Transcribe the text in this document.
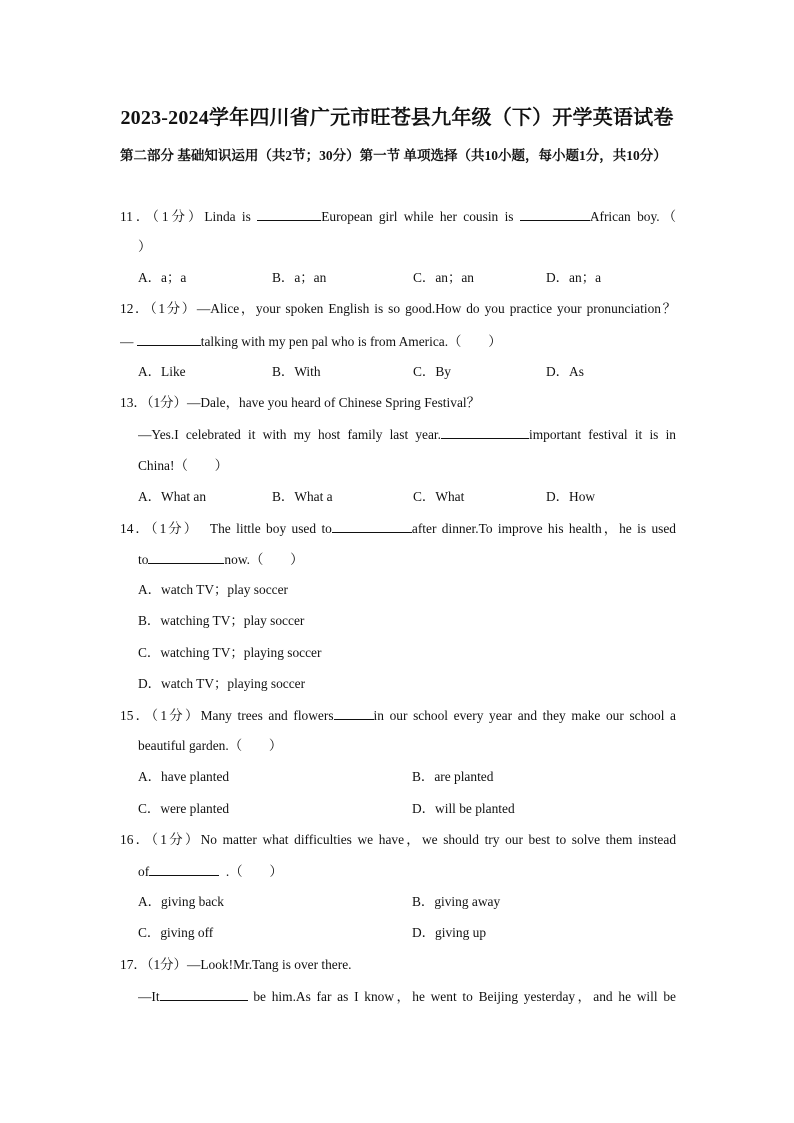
2023-2024学年四川省广元市旺苍县九年级（下）开学英语试卷
第二部分 基础知识运用（共2节；30分）第一节 单项选择（共10小题，每小题1分，共10分）
11．（1分）Linda is	European girl while her cousin is	African boy.（
）
A．a；a	B．a；an	C．an；an	D．an；a
12．（1分）—Alice，your spoken English is so good.How do you practice your pronunciation？
—	talking with my pen pal who is from America.（　　）
A．Like	B．With	C．By	D．As
13．（1分）—Dale，have you heard of Chinese Spring Festival？
—Yes.I celebrated it with my host family last year.	important festival it is in
China!（　　）
A．What an	B．What a	C．What	D．How
14．（1分） The little boy used to	after dinner.To improve his health，he is used
to	now.（　　）
A．watch TV；play soccer
B．watching TV；play soccer
C．watching TV；playing soccer
D．watch TV；playing soccer
15．（1分）Many trees and flowers	in our school every year and they make our school a
beautiful garden.（　　）
A．have planted	B．are planted
C．were planted	D．will be planted
16．（1分）No matter what difficulties we have，we should try our best to solve them instead
of	.（　　）
A．giving back	B．giving away
C．giving off	D．giving up
17．（1分）—Look!Mr.Tang is over there.
—It	be him.As far as I know，he went to Beijing yesterday，and he will be
